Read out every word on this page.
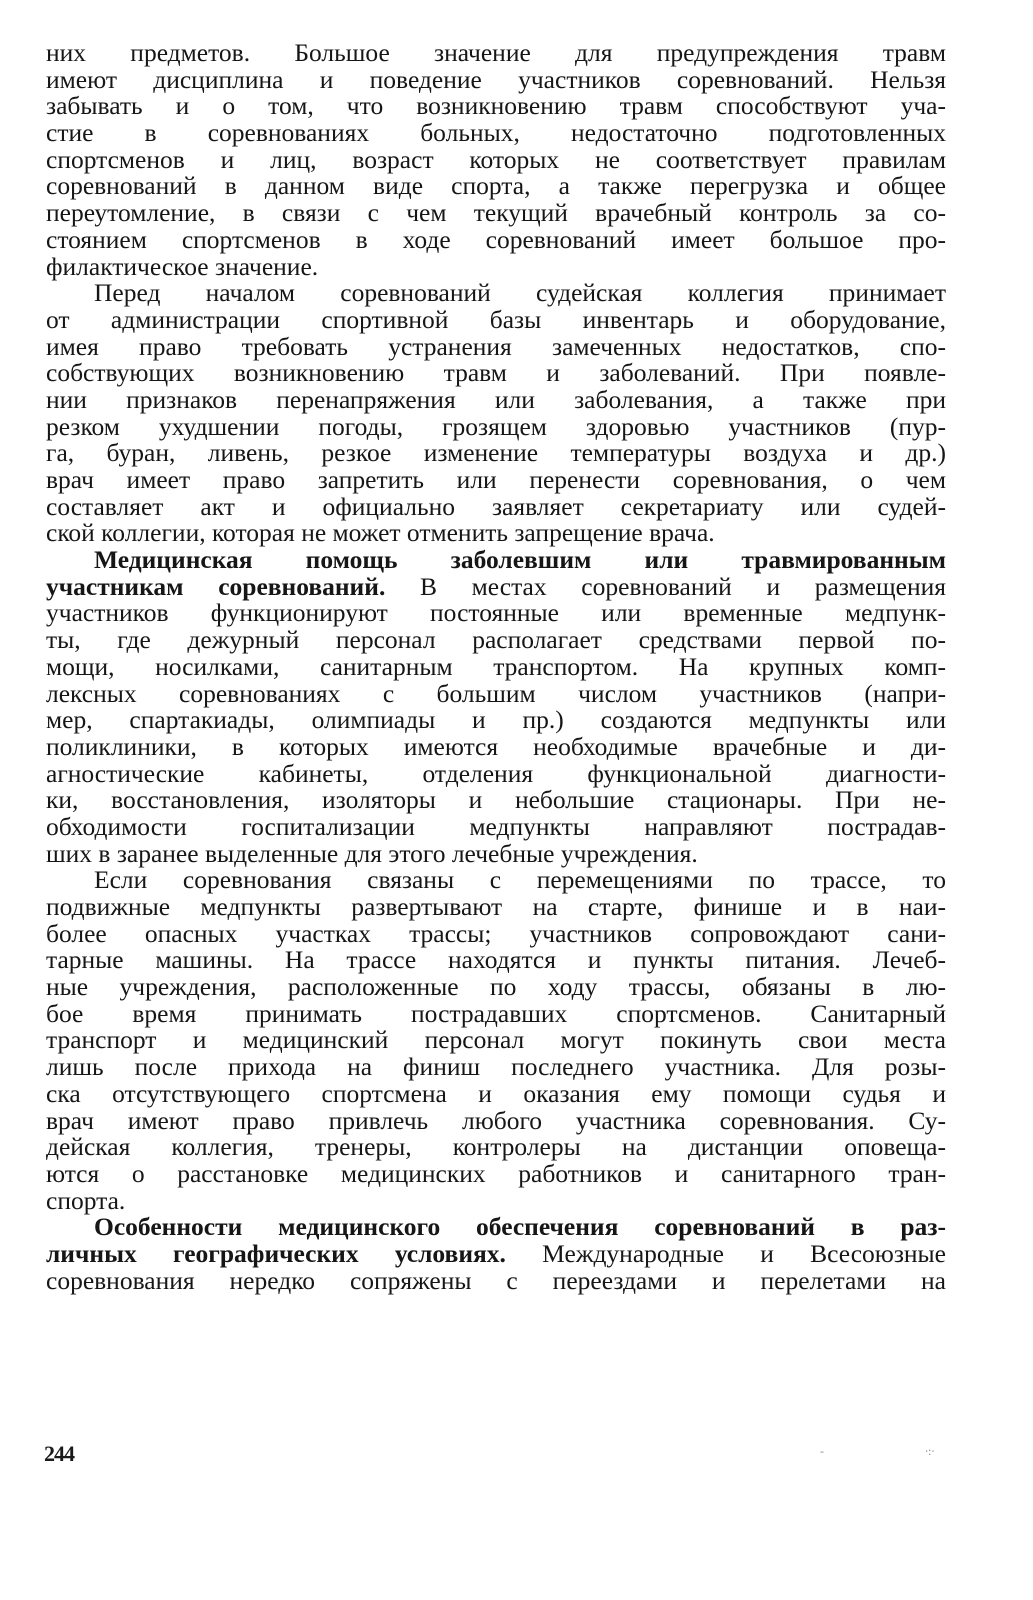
них предметов. Большое значение для предупреждения травм
имеют дисциплина и поведение участников соревнований. Нельзя
забывать и о том, что возникновению травм способствуют уча-
стие в соревнованиях больных, недостаточно подготовленных
спортсменов и лиц, возраст которых не соответствует правилам
соревнований в данном виде спорта, а также перегрузка и общее
переутомление, в связи с чем текущий врачебный контроль за со-
стоянием спортсменов в ходе соревнований имеет большое про-
филактическое значение.
Перед началом соревнований судейская коллегия принимает
от администрации спортивной базы инвентарь и оборудование,
имея право требовать устранения замеченных недостатков, спо-
собствующих возникновению травм и заболеваний. При появле-
нии признаков перенапряжения или заболевания, а также при
резком ухудшении погоды, грозящем здоровью участников (пур-
га, буран, ливень, резкое изменение температуры воздуха и др.)
врач имеет право запретить или перенести соревнования, о чем
составляет акт и официально заявляет секретариату или судей-
ской коллегии, которая не может отменить запрещение врача.
Медицинская помощь заболевшим или травмированным
участникам соревнований. В местах соревнований и размещения
участников функционируют постоянные или временные медпунк-
ты, где дежурный персонал располагает средствами первой по-
мощи, носилками, санитарным транспортом. На крупных комп-
лексных соревнованиях с большим числом участников (напри-
мер, спартакиады, олимпиады и пр.) создаются медпункты или
поликлиники, в которых имеются необходимые врачебные и ди-
агностические кабинеты, отделения функциональной диагности-
ки, восстановления, изоляторы и небольшие стационары. При не-
обходимости госпитализации медпункты направляют пострадав-
ших в заранее выделенные для этого лечебные учреждения.
Если соревнования связаны с перемещениями по трассе, то
подвижные медпункты развертывают на старте, финише и в наи-
более опасных участках трассы; участников сопровождают сани-
тарные машины. На трассе находятся и пункты питания. Лечеб-
ные учреждения, расположенные по ходу трассы, обязаны в лю-
бое время принимать пострадавших спортсменов. Санитарный
транспорт и медицинский персонал могут покинуть свои места
лишь после прихода на финиш последнего участника. Для розы-
ска отсутствующего спортсмена и оказания ему помощи судья и
врач имеют право привлечь любого участника соревнования. Су-
дейская коллегия, тренеры, контролеры на дистанции оповеща-
ются о расстановке медицинских работников и санитарного тран-
спорта.
Особенности медицинского обеспечения соревнований в раз-
личных географических условиях. Международные и Всесоюзные
соревнования нередко сопряжены с переездами и перелетами на
244	-	∙:∙
